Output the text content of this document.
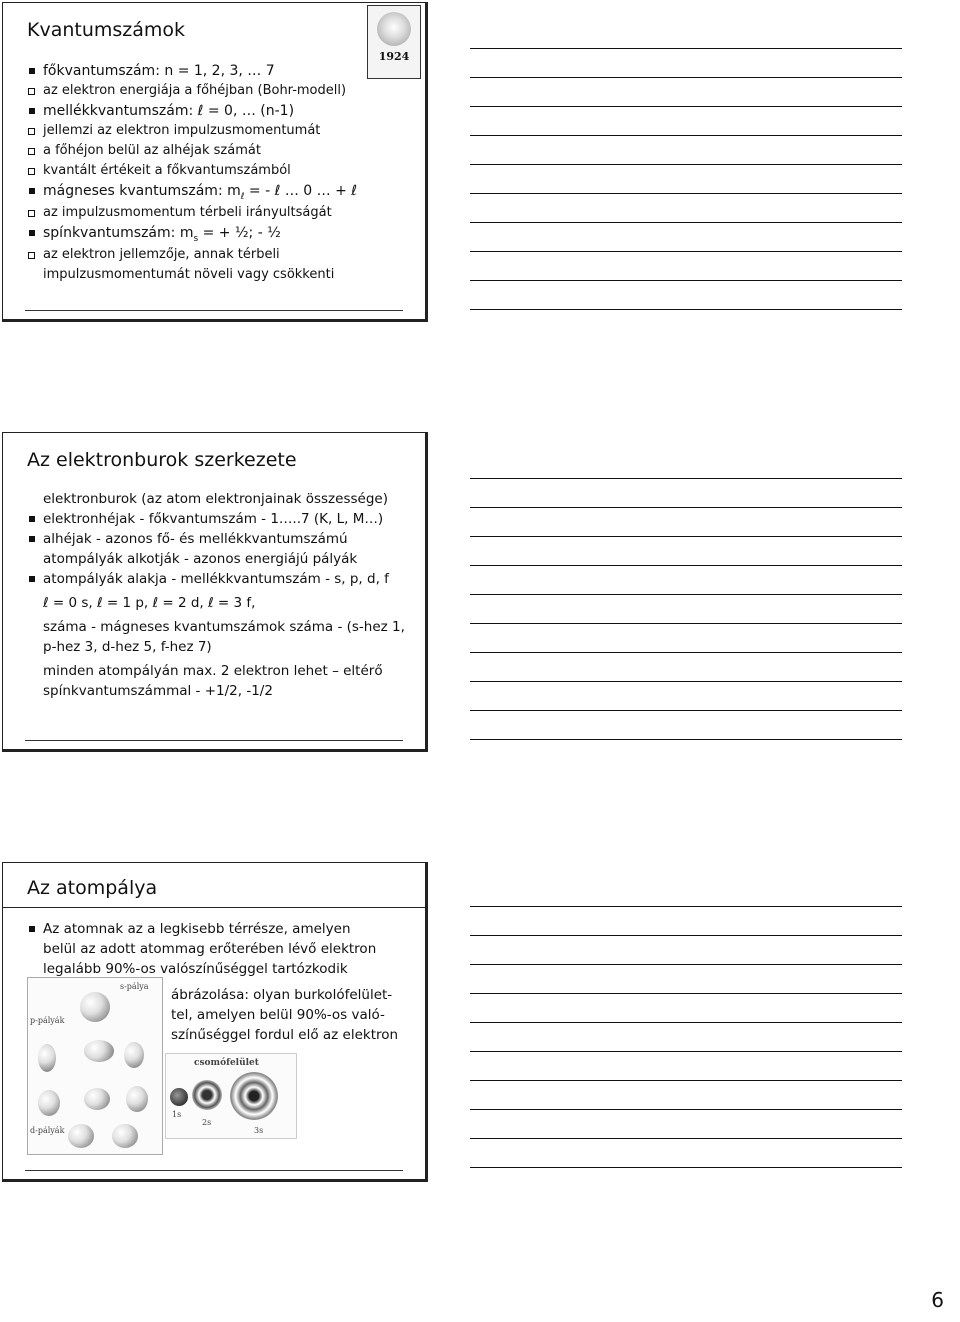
Kvantumszámok
1924
főkvantumszám: n = 1, 2, 3, … 7
az elektron energiája a főhéjban (Bohr-modell)
mellékkvantumszám: ℓ = 0, … (n-1)
jellemzi az elektron impulzusmomentumát
a főhéjon belül az alhéjak számát
kvantált értékeit a főkvantumszámból
mágneses kvantumszám: $m_\ell$ = - ℓ … 0 … + ℓ
az impulzusmomentum térbeli irányultságát
spínkvantumszám: $m_s$ = + ½; - ½
az elektron jellemzője, annak térbeli impulzusmomentumát növeli vagy csökkenti
Az elektronburok szerkezete
elektronburok (az atom elektronjainak összessége)
elektronhéjak - főkvantumszám - 1…..7 (K, L, M…)
alhéjak - azonos fő- és mellékkvantumszámú atompályák alkotják - azonos energiájú pályák
atompályák alakja - mellékkvantumszám - s, p, d, f
ℓ = 0 s, ℓ = 1 p, ℓ = 2 d, ℓ = 3 f,
száma - mágneses kvantumszámok száma - (s-hez 1, p-hez 3, d-hez 5, f-hez 7)
minden atompályán max. 2 elektron lehet – eltérő spínkvantumszámmal - +1/2, -1/2
Az atompálya
Az atomnak az a legkisebb térrésze, amelyen belül az adott atommag erőterében lévő elektron legalább 90%-os valószínűséggel tartózkodik
s-pálya
p-pályák
d-pályák
ábrázolása: olyan burkolófelület-tel, amelyen belül 90%-os való-színűséggel fordul elő az elektron
csomófelület
1s
2s
3s
6
